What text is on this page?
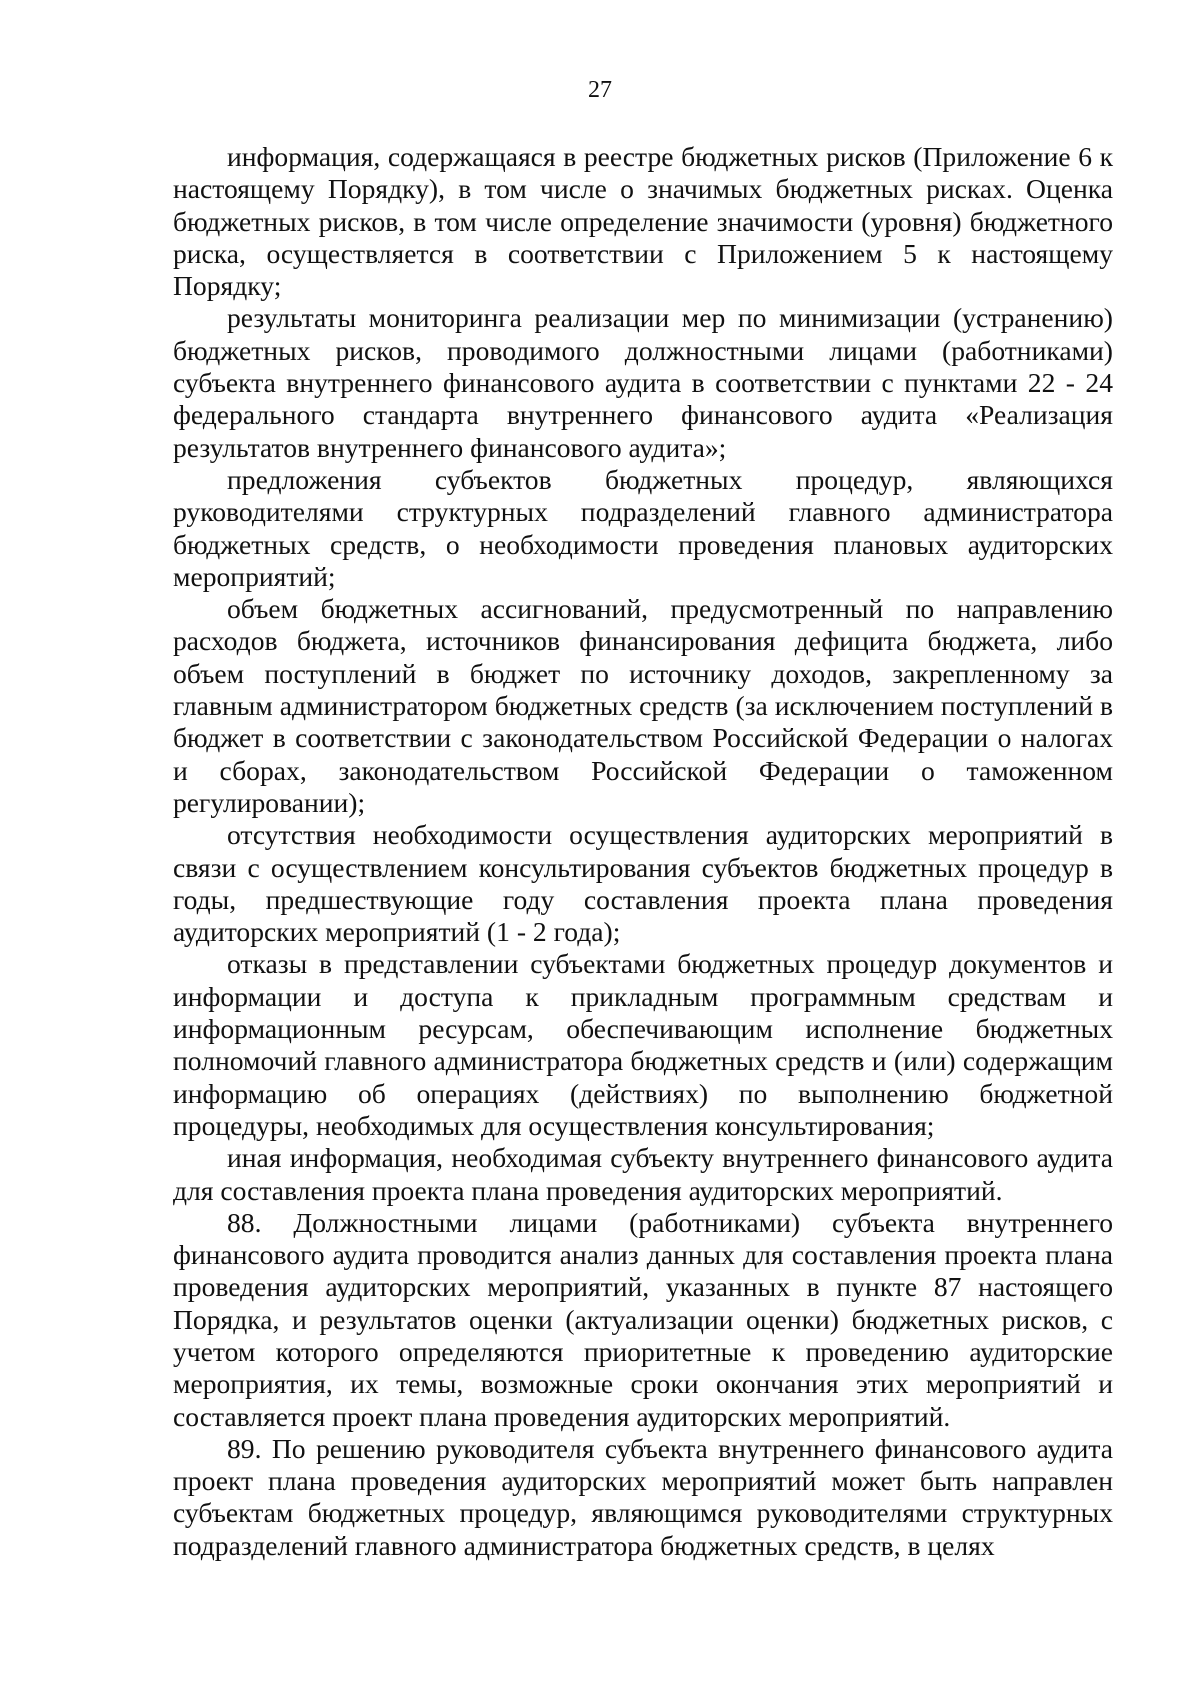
27

информация, содержащаяся в реестре бюджетных рисков (Приложение 6 к настоящему Порядку), в том числе о значимых бюджетных рисках. Оценка бюджетных рисков, в том числе определение значимости (уровня) бюджетного риска, осуществляется в соответствии с Приложением 5 к настоящему Порядку;

результаты мониторинга реализации мер по минимизации (устранению) бюджетных рисков, проводимого должностными лицами (работниками) субъекта внутреннего финансового аудита в соответствии с пунктами 22 - 24 федерального стандарта внутреннего финансового аудита «Реализация результатов внутреннего финансового аудита»;

предложения субъектов бюджетных процедур, являющихся руководителями структурных подразделений главного администратора бюджетных средств, о необходимости проведения плановых аудиторских мероприятий;

объем бюджетных ассигнований, предусмотренный по направлению расходов бюджета, источников финансирования дефицита бюджета, либо объем поступлений в бюджет по источнику доходов, закрепленному за главным администратором бюджетных средств (за исключением поступлений в бюджет в соответствии с законодательством Российской Федерации о налогах и сборах, законодательством Российской Федерации о таможенном регулировании);

отсутствия необходимости осуществления аудиторских мероприятий в связи с осуществлением консультирования субъектов бюджетных процедур в годы, предшествующие году составления проекта плана проведения аудиторских мероприятий (1 - 2 года);

отказы в представлении субъектами бюджетных процедур документов и информации и доступа к прикладным программным средствам и информационным ресурсам, обеспечивающим исполнение бюджетных полномочий главного администратора бюджетных средств и (или) содержащим информацию об операциях (действиях) по выполнению бюджетной процедуры, необходимых для осуществления консультирования;

иная информация, необходимая субъекту внутреннего финансового аудита для составления проекта плана проведения аудиторских мероприятий.

88. Должностными лицами (работниками) субъекта внутреннего финансового аудита проводится анализ данных для составления проекта плана проведения аудиторских мероприятий, указанных в пункте 87 настоящего Порядка, и результатов оценки (актуализации оценки) бюджетных рисков, с учетом которого определяются приоритетные к проведению аудиторские мероприятия, их темы, возможные сроки окончания этих мероприятий и составляется проект плана проведения аудиторских мероприятий.

89. По решению руководителя субъекта внутреннего финансового аудита проект плана проведения аудиторских мероприятий может быть направлен субъектам бюджетных процедур, являющимся руководителями структурных подразделений главного администратора бюджетных средств, в целях
